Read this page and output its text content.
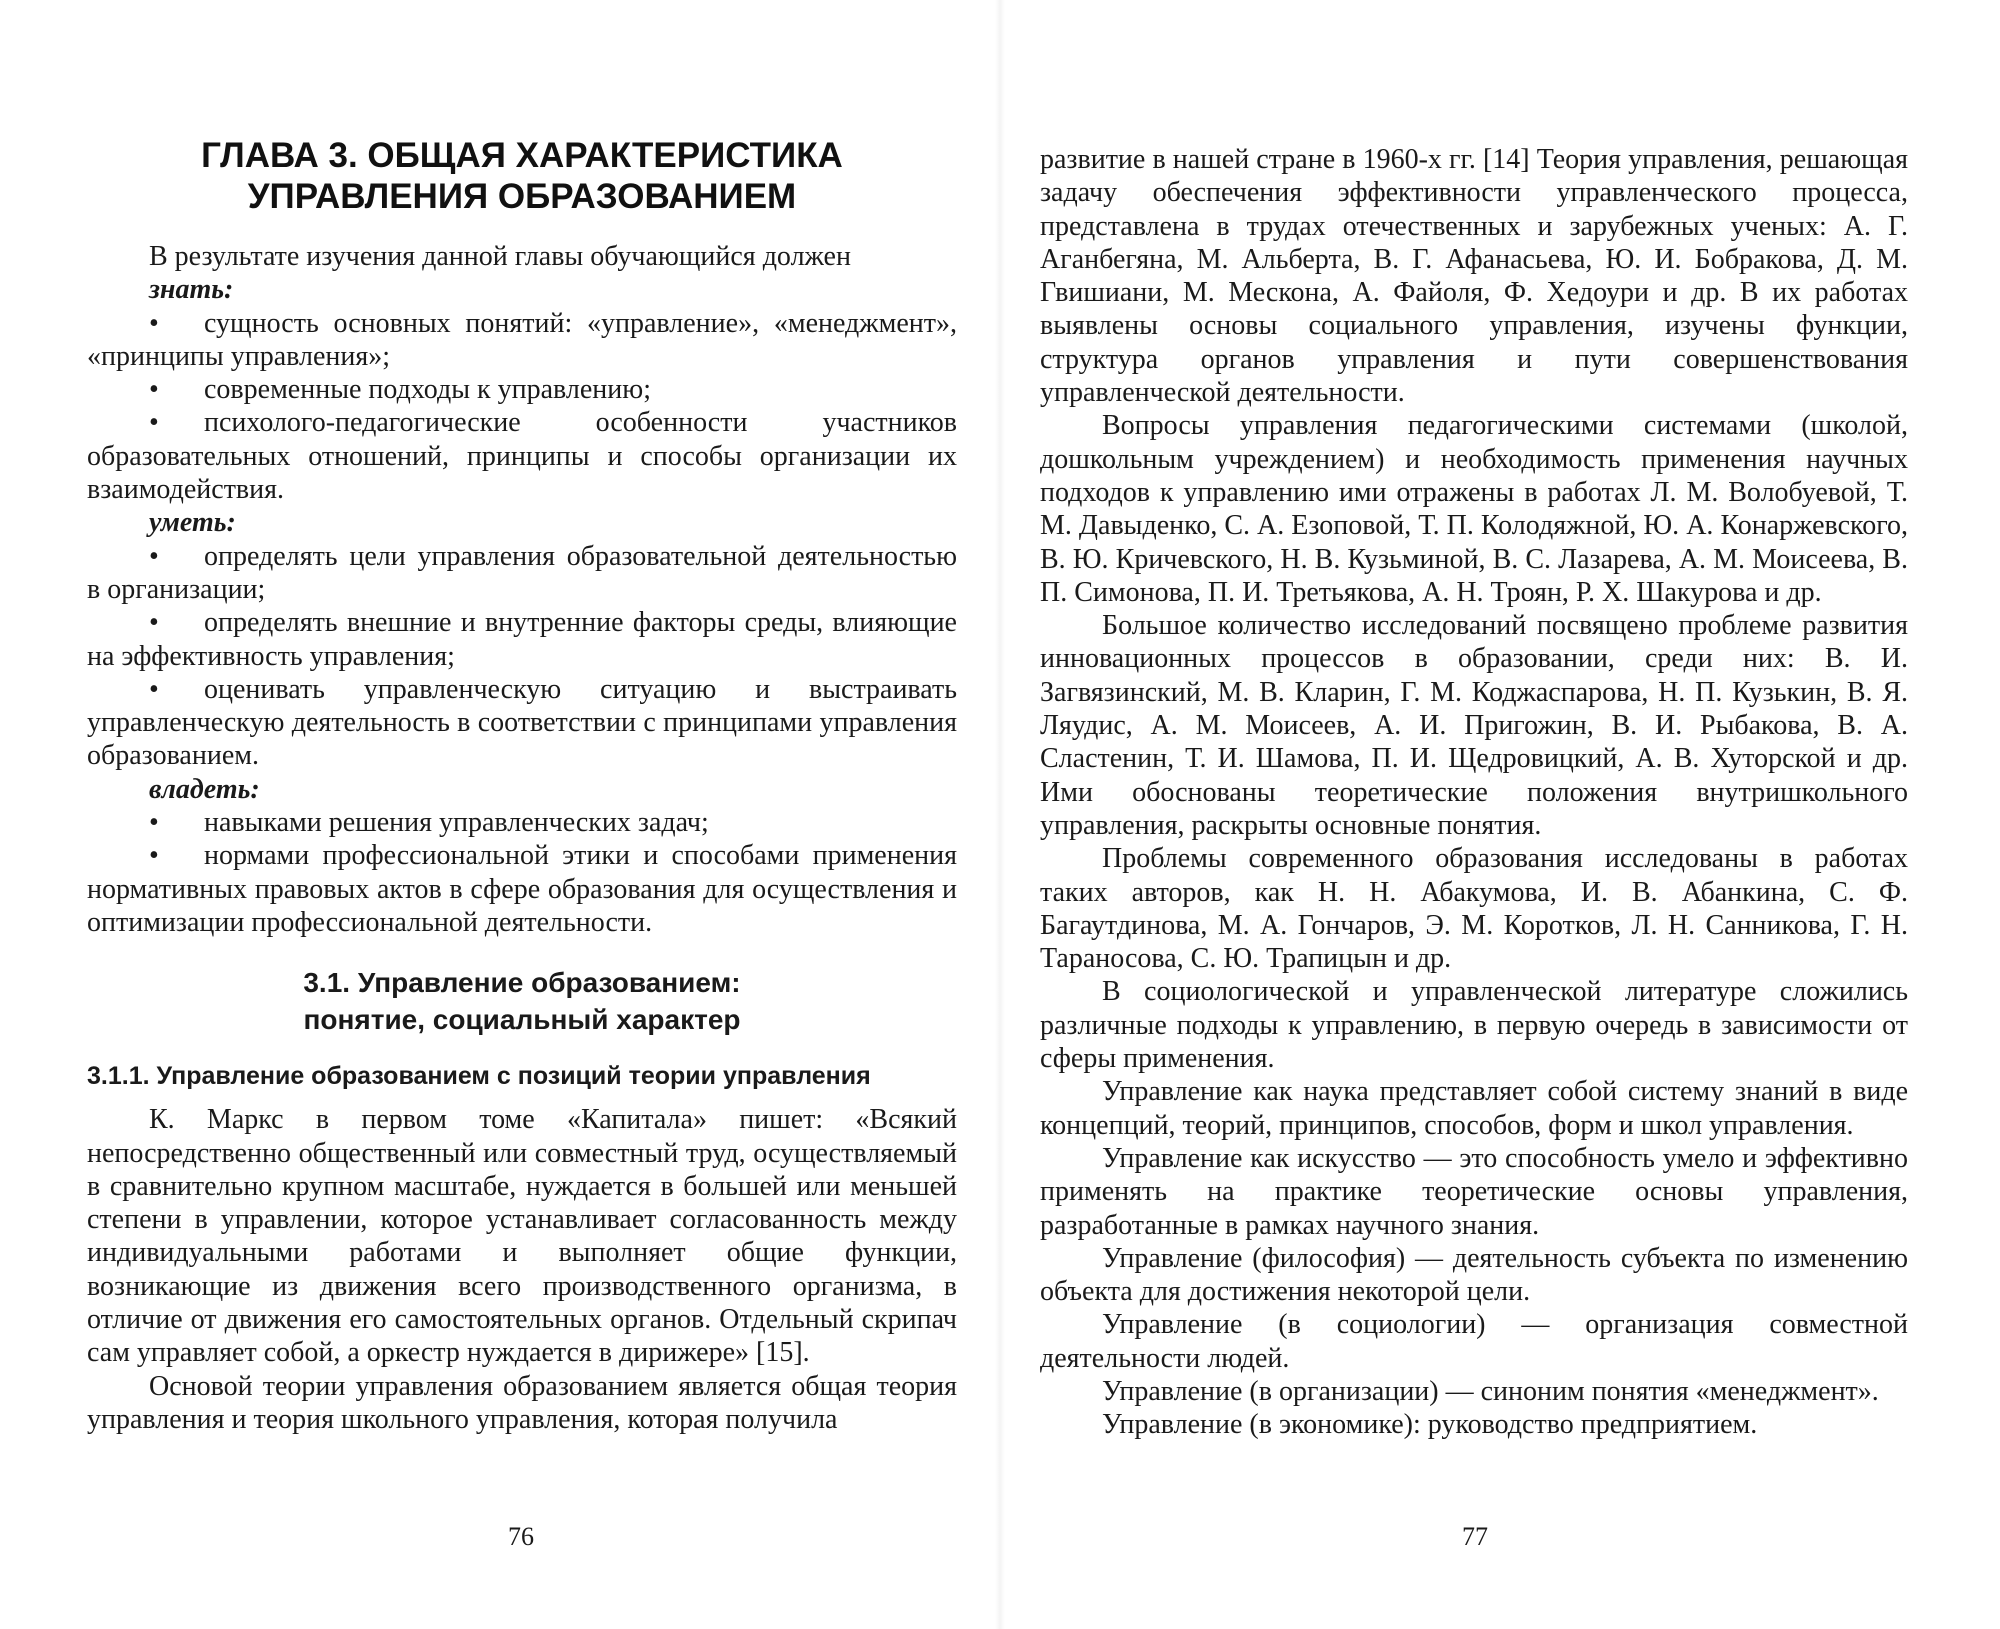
ГЛАВА 3. ОБЩАЯ ХАРАКТЕРИСТИКА
УПРАВЛЕНИЯ ОБРАЗОВАНИЕМ

В результате изучения данной главы обучающийся должен

знать:

• сущность основных понятий: «управление», «менеджмент», «принципы управления»;

• современные подходы к управлению;

• психолого-педагогические особенности участников образовательных отношений, принципы и способы организации их взаимодействия.

уметь:

• определять цели управления образовательной деятельностью в организации;

• определять внешние и внутренние факторы среды, влияющие на эффективность управления;

• оценивать управленческую ситуацию и выстраивать управленческую деятельность в соответствии с принципами управления образованием.

владеть:

• навыками решения управленческих задач;

• нормами профессиональной этики и способами применения нормативных правовых актов в сфере образования для осуществления и оптимизации профессиональной деятельности.

3.1. Управление образованием:
понятие, социальный характер
3.1.1. Управление образованием с позиций теории управления

К. Маркс в первом томе «Капитала» пишет: «Всякий непосредственно общественный или совместный труд, осуществляемый в сравнительно крупном масштабе, нуждается в большей или меньшей степени в управлении, которое устанавливает согласованность между индивидуальными работами и выполняет общие функции, возникающие из движения всего производственного организма, в отличие от движения его самостоятельных органов. Отдельный скрипач сам управляет собой, а оркестр нуждается в дирижере» [15].

Основой теории управления образованием является общая теория управления и теория школьного управления, которая получила

76

развитие в нашей стране в 1960-х гг. [14] Теория управления, решающая задачу обеспечения эффективности управленческого процесса, представлена в трудах отечественных и зарубежных ученых: А. Г. Аганбегяна, М. Альберта, В. Г. Афанасьева, Ю. И. Бобракова, Д. М. Гвишиани, М. Мескона, А. Файоля, Ф. Хедоури и др. В их работах выявлены основы социального управления, изучены функции, структура органов управления и пути совершенствования управленческой деятельности.

Вопросы управления педагогическими системами (школой, дошкольным учреждением) и необходимость применения научных подходов к управлению ими отражены в работах Л. М. Волобуевой, Т. М. Давыденко, С. А. Езоповой, Т. П. Колодяжной, Ю. А. Конаржевского, В. Ю. Кричевского, Н. В. Кузьминой, В. С. Лазарева, А. М. Моисеева, В. П. Симонова, П. И. Третьякова, А. Н. Троян, Р. Х. Шакурова и др.

Большое количество исследований посвящено проблеме развития инновационных процессов в образовании, среди них: В. И. Загвязинский, М. В. Кларин, Г. М. Коджаспарова, Н. П. Кузькин, В. Я. Ляудис, А. М. Моисеев, А. И. Пригожин, В. И. Рыбакова, В. А. Сластенин, Т. И. Шамова, П. И. Щедровицкий, А. В. Хуторской и др. Ими обоснованы теоретические положения внутришкольного управления, раскрыты основные понятия.

Проблемы современного образования исследованы в работах таких авторов, как Н. Н. Абакумова, И. В. Абанкина, С. Ф. Багаутдинова, М. А. Гончаров, Э. М. Коротков, Л. Н. Санникова, Г. Н. Тараносова, С. Ю. Трапицын и др.

В социологической и управленческой литературе сложились различные подходы к управлению, в первую очередь в зависимости от сферы применения.

Управление как наука представляет собой систему знаний в виде концепций, теорий, принципов, способов, форм и школ управления.

Управление как искусство — это способность умело и эффективно применять на практике теоретические основы управления, разработанные в рамках научного знания.

Управление (философия) — деятельность субъекта по изменению объекта для достижения некоторой цели.

Управление (в социологии) — организация совместной деятельности людей.

Управление (в организации) — синоним понятия «менеджмент».

Управление (в экономике): руководство предприятием.

77
